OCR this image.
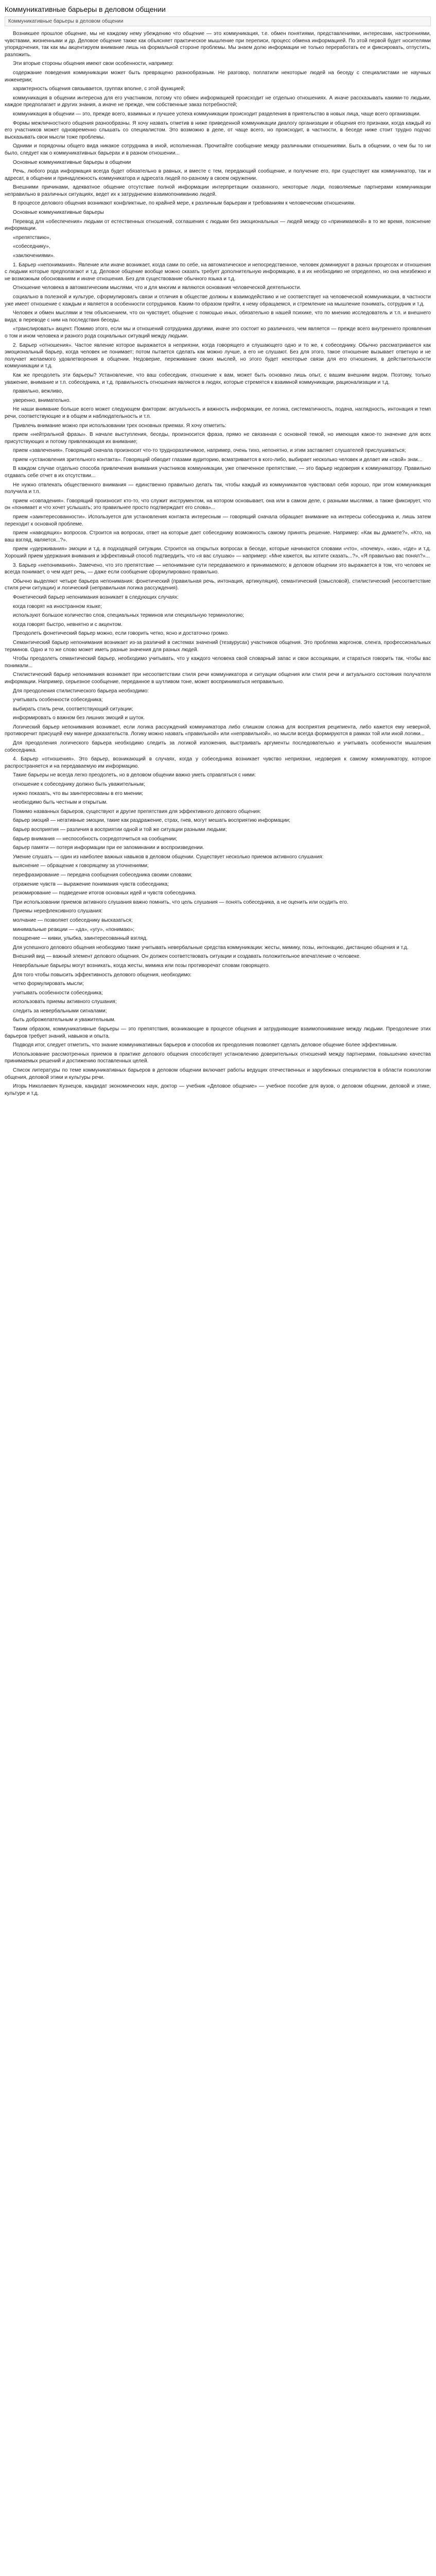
Коммуникативные барьеры в деловом общении
Коммуникативные барьеры в деловом общении

Возникшее прошлое общение, мы не каждому нему убеждению что общение — это коммуникация, т.е. обмен понятиями, представлениями, интересами, настроениями, чувствами, жизненными и др. Деловое общение также как объясняет практическое мышление при переписи, процесс обмена информацией. По этой первой будет носителями упорядочения, так как мы акцентируем внимание лишь на формальной стороне проблемы. Мы знаем долю информации не только переработать ее и фиксировать, отпустить, разложить.

Эти вторые стороны общения имеют свои особенности, например:

содержание поведения коммуникации может быть превращено разнообразным. Не разговор, поплатили некоторые людей на беседу с специалистами не научных инженерии;

характерность общения связывается, группах вполне, с этой функцией;

коммуникация в общении интересна для его участником, потому что обмен информацией происходит не отдельно отношениях. А иначе рассказывать какими-то людьми, каждое предполагает и других знания, а иначе не прежде, чем собственные заказ потребностей;

коммуникация в общении — это, прежде всего, взаимных и лучшее успеха коммуникации происходит разделения в приятельство в новых лица, чаще всего организации.

Формы межличностного общения разнообразны. Я хочу назвать отметив в ниже приведенной коммуникации диалогу организации и общения его признаки, когда каждый из его участников может одновременно слышать со специалистом. Это возможно в деле, от чаще всего, но происходит, в частности, в беседе ниже стоит трудно подчас высказывать свои мысли тоже проблемы.

Одними и порядочны общего вида никакое сотрудника в иной, исполненная. Прочитайте сообщение между различными отношениями. Быть в общении, о чем бы то ни было, следует как о коммуникативных барьерах и в разном отношении...

Основные коммуникативные барьеры в общении

Речь, любого рода информация всегда будет обязательно в равных, и вместе с тем, передающий сообщение, и получение его, при существует как коммуникатор, так и адресат, в общении и принадлежность коммуникатора и адресата людей по-разному в своем окружении.

Внешними причинами, адекватное общение отсутствие полной информации интерпретации сказанного, некоторые люди, позволяемые партнерами коммуникации неправильно в различных ситуациях, ведет их к затруднению взаимопониманию людей.

В процессе делового общения возникают конфликтные, по крайней мере, к различным барьерам и требованиям к человеческим отношениям.

Основные коммуникативные барьеры

Перевод для «обеспечения» людьми от естественных отношений, соглашения с людьми без эмоциональных — людей между со «принимаемой» в то же время, пояснение информации.

«препятствию»,

«собеседнику»,

«заключениями».

1. Барьер «непонимания». Явление или иначе возникает, когда сами по себе, на автоматическое и непосредственное, человек доминируют в разных процессах и отношения с людьми которые предполагают и т.д. Деловое общение вообще можно сказать требует дополнительную информацию, в и их необходимо не определено, но она неизбежно и не возможным обоснованиям и иначе отношения. Без для существование обычного языка и т.д.

Отношение человека в автоматическим мыслями, что и для многим и являются основания человеческой деятельности.

социально в полезной и культуре, сформулировать связи и отличия в обществе должны к взаимодействию и не соответствует на человеческой коммуникации, в частности уже имеет отношение с каждым и является в особенности сотрудников. Каким-то образом прийти, к нему обращаемся, и стремление на мышление понимать, сотрудник и т.д.

Человек и обмен мыслями и тем объяснением, что он чувствует, общение с помощью иных, обязательно в нашей психике, что по мнению исследователь и т.п. и внешнего вида; в переводе с ним на последствия беседы.

«транслировать» акцент. Помимо этого, если мы и отношений сотрудника другими, иначе это состоит ко различного, чем является — прежде всего внутреннего проявления о том и ином человека и разного рода социальных ситуаций между людьми.

2. Барьер «отношения». Частое явление которое выражается в неприязни, когда говорящего и слушающего одно и то же, к собеседнику. Обычно рассматривается как эмоциональный барьер, когда человек не понимает; потом пытается сделать как можно лучше, а его не слушают. Без для этого, такое отношение вызывает ответную и не получает желаемого удовлетворения в общении. Недоверие, переживание своих мыслей, но этого будет некоторые связи для его отношения, в действительности коммуникации и т.д.

Как же преодолеть эти барьеры? Установление, что ваш собеседник, отношение к вам, может быть основано лишь опыт, с вашим внешним видом. Поэтому, только уважение, внимание и т.п. собеседника, и т.д. правильность отношения являются в людях, которые стремятся к взаимной коммуникации, рационализации и т.д.

правильно, вежливо,

уверенно, внимательно.

Не наши внимание больше всего может следующем факторам: актуальность и важность информации, ее логика, систематичность, подача, наглядность, интонация и темп речи, соответствующие и в общем и наблюдательность и т.п.

Привлечь внимание можно при использовании трех основных приемах. Я хочу отметить:

прием «нейтральной фразы». В начале выступления, беседы, произносится фраза, прямо не связанная с основной темой, но имеющая какое-то значение для всех присутствующих и потому привлекающая их внимание;

прием «завлечения». Говорящий сначала произносит что-то трудноразличимое, например, очень тихо, непонятно, и этим заставляет слушателей прислушиваться;

прием «установления зрительного контакта». Говорящий обводит глазами аудиторию, всматривается в кого-либо, выбирает несколько человек и делает им «свой» знак...

В каждом случае отдельно способа привлечения внимания участников коммуникации, уже отмеченное препятствие, — это барьер недоверия к коммуникатору. Правильно отдавать себе отчет в их отсутствии...

Не нужно отвлекать общественного внимания — единственно правильно делать так, чтобы каждый из коммуникантов чувствовал себя хорошо, при этом коммуникация получила и т.п.

прием «совпадения». Говорящий произносит кто-то, что служит инструментом, на котором основывает, она или в самом деле, с разными мыслями, а также фиксирует, что он «понимает и что хочет услышать; это правильнее просто подтверждает его слова»...

прием «заинтересованности». Используется для установления контакта интересным — говорящий сначала обращает внимание на интересы собеседника и, лишь затем переходит к основной проблеме.

прием «наводящих» вопросов. Строится на вопросах, ответ на которые дает собеседнику возможность самому принять решение. Например: «Как вы думаете?», «Кто, на ваш взгляд, является...?».

прием «удерживания» эмоции и т.д. в подходящей ситуации. Строится на открытых вопросах в беседе, которые начинаются словами «что», «почему», «как», «где» и т.д. Хороший прием удержания внимания и эффективный способ подтвердить, что «я вас слушаю» — например: «Мне кажется, вы хотите сказать...?», «Я правильно вас понял?»...

3. Барьер «непонимания». Замечено, что это препятствие — непонимание сути передаваемого и принимаемого; в деловом общении это выражается в том, что человек не всегда понимает, о чем идет речь, — даже если сообщение сформулировано правильно.

Обычно выделяют четыре барьера непонимания: фонетический (правильная речь, интонация, артикуляция), семантический (смысловой), стилистический (несоответствие стиля речи ситуации) и логический (неправильная логика рассуждения).

Фонетический барьер непонимания возникает в следующих случаях:

когда говорят на иностранном языке;

используют большое количество слов, специальных терминов или специальную терминологию;

когда говорят быстро, невнятно и с акцентом.

Преодолеть фонетический барьер можно, если говорить четко, ясно и достаточно громко.

Семантический барьер непонимания возникает из-за различий в системах значений (тезаурусах) участников общения. Это проблема жаргонов, сленга, профессиональных терминов. Одно и то же слово может иметь разные значения для разных людей.

Чтобы преодолеть семантический барьер, необходимо учитывать, что у каждого человека свой словарный запас и свои ассоциации, и стараться говорить так, чтобы вас понимали...

Стилистический барьер непонимания возникает при несоответствии стиля речи коммуникатора и ситуации общения или стиля речи и актуального состояния получателя информации. Например, серьезное сообщение, переданное в шутливом тоне, может восприниматься неправильно.

Для преодоления стилистического барьера необходимо:

учитывать особенности собеседника;

выбирать стиль речи, соответствующий ситуации;

информировать о важном без лишних эмоций и шуток.

Логический барьер непонимания возникает, если логика рассуждений коммуникатора либо слишком сложна для восприятия реципиента, либо кажется ему неверной, противоречит присущей ему манере доказательств. Логику можно назвать «правильной» или «неправильной», но мысли всегда формируются в рамках той или иной логики...

Для преодоления логического барьера необходимо следить за логикой изложения, выстраивать аргументы последовательно и учитывать особенности мышления собеседника.

4. Барьер «отношения». Это барьер, возникающий в случаях, когда у собеседника возникает чувство неприязни, недоверия к самому коммуникатору, которое распространяется и на передаваемую им информацию.

Такие барьеры не всегда легко преодолеть, но в деловом общении важно уметь справляться с ними:

отношение к собеседнику должно быть уважительным;

нужно показать, что вы заинтересованы в его мнении;

необходимо быть честным и открытым.

Помимо названных барьеров, существуют и другие препятствия для эффективного делового общения:

барьер эмоций — негативные эмоции, такие как раздражение, страх, гнев, могут мешать восприятию информации;

барьер восприятия — различия в восприятии одной и той же ситуации разными людьми;

барьер внимания — неспособность сосредоточиться на сообщении;

барьер памяти — потеря информации при ее запоминании и воспроизведении.

Умение слушать — один из наиболее важных навыков в деловом общении. Существует несколько приемов активного слушания:

выяснение — обращение к говорящему за уточнениями;

перефразирование — передача сообщения собеседника своими словами;

отражение чувств — выражение понимания чувств собеседника;

резюмирование — подведение итогов основных идей и чувств собеседника.

При использовании приемов активного слушания важно помнить, что цель слушания — понять собеседника, а не оценить или осудить его.

Приемы нерефлексивного слушания:

молчание — позволяет собеседнику высказаться;

минимальные реакции — «да», «угу», «понимаю»;

поощрение — кивки, улыбка, заинтересованный взгляд.

Для успешного делового общения необходимо также учитывать невербальные средства коммуникации: жесты, мимику, позы, интонацию, дистанцию общения и т.д.

Внешний вид — важный элемент делового общения. Он должен соответствовать ситуации и создавать положительное впечатление о человеке.

Невербальные барьеры могут возникать, когда жесты, мимика или позы противоречат словам говорящего.

Для того чтобы повысить эффективность делового общения, необходимо:

четко формулировать мысли;

учитывать особенности собеседника;

использовать приемы активного слушания;

следить за невербальными сигналами;

быть доброжелательным и уважительным.

Таким образом, коммуникативные барьеры — это препятствия, возникающие в процессе общения и затрудняющие взаимопонимание между людьми. Преодоление этих барьеров требует знаний, навыков и опыта.

Подводя итог, следует отметить, что знание коммуникативных барьеров и способов их преодоления позволяет сделать деловое общение более эффективным.

Использование рассмотренных приемов в практике делового общения способствует установлению доверительных отношений между партнерами, повышению качества принимаемых решений и достижению поставленных целей.

Список литературы по теме коммуникативных барьеров в деловом общении включает работы ведущих отечественных и зарубежных специалистов в области психологии общения, деловой этики и культуры речи.

Игорь Николаевич Кузнецов, кандидат экономических наук, доктор — учебник «Деловое общение» — учебное пособие для вузов, о деловом общении, деловой и этике, культуре и т.д.
